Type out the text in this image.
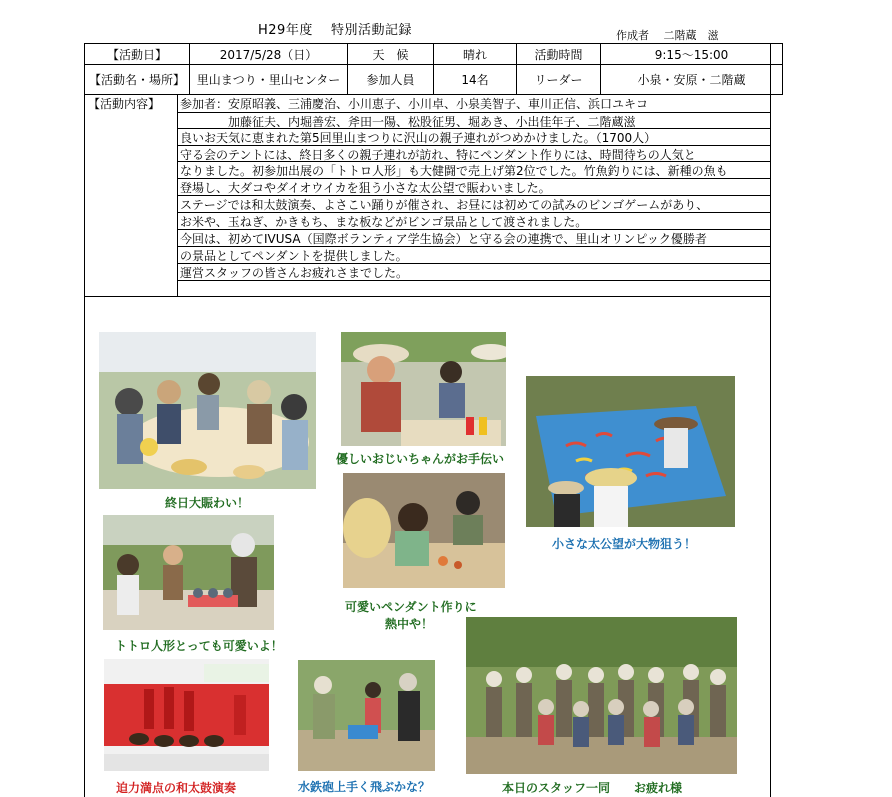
H29年度　 特別活動記録	作成者　 二階蔵　滋
【活動日】	2017/5/28（日）	天　候	晴れ	活動時間	9:15～15:00
【活動名・場所】	里山まつり・里山センター	参加人員	14名	リーダー	小泉・安原・二階蔵
【活動内容】 参加者：安原昭義、三浦慶治、小川恵子、小川卓、小泉美智子、車川正信、浜口ユキコ
　　　　加藤征夫、内堀善宏、斧田一陽、松股征男、堀あき、小出佳年子、二階蔵滋
良いお天気に恵まれた第5回里山まつりに沢山の親子連れがつめかけました。（1700人）
守る会のテントには、終日多くの親子連れが訪れ、特にペンダント作りには、時間待ちの人気と
なりました。初参加出展の「トトロ人形」も大健闘で売上げ第2位でした。竹魚釣りには、新種の魚も
登場し、大ダコやダイオウイカを狙う小さな太公望で賑わいました。
ステージでは和太鼓演奏、よさこい踊りが催され、お昼には初めての試みのビンゴゲームがあり、
お米や、玉ねぎ、かきもち、まな板などがビンゴ景品として渡されました。
今回は、初めてIVUSA（国際ボランティア学生協会）と守る会の連携で、里山オリンピック優勝者
の景品としてペンダントを提供しました。
運営スタッフの皆さんお疲れさまでした。
終日大賑わい！
優しいおじいちゃんがお手伝い
小さな太公望が大物狙う！
可愛いペンダント作りに
熱中や！
トトロ人形とっても可愛いよ！
迫力満点の和太鼓演奏	水鉄砲上手く飛ぶかな？	本日のスタッフ一同　　お疲れ様
